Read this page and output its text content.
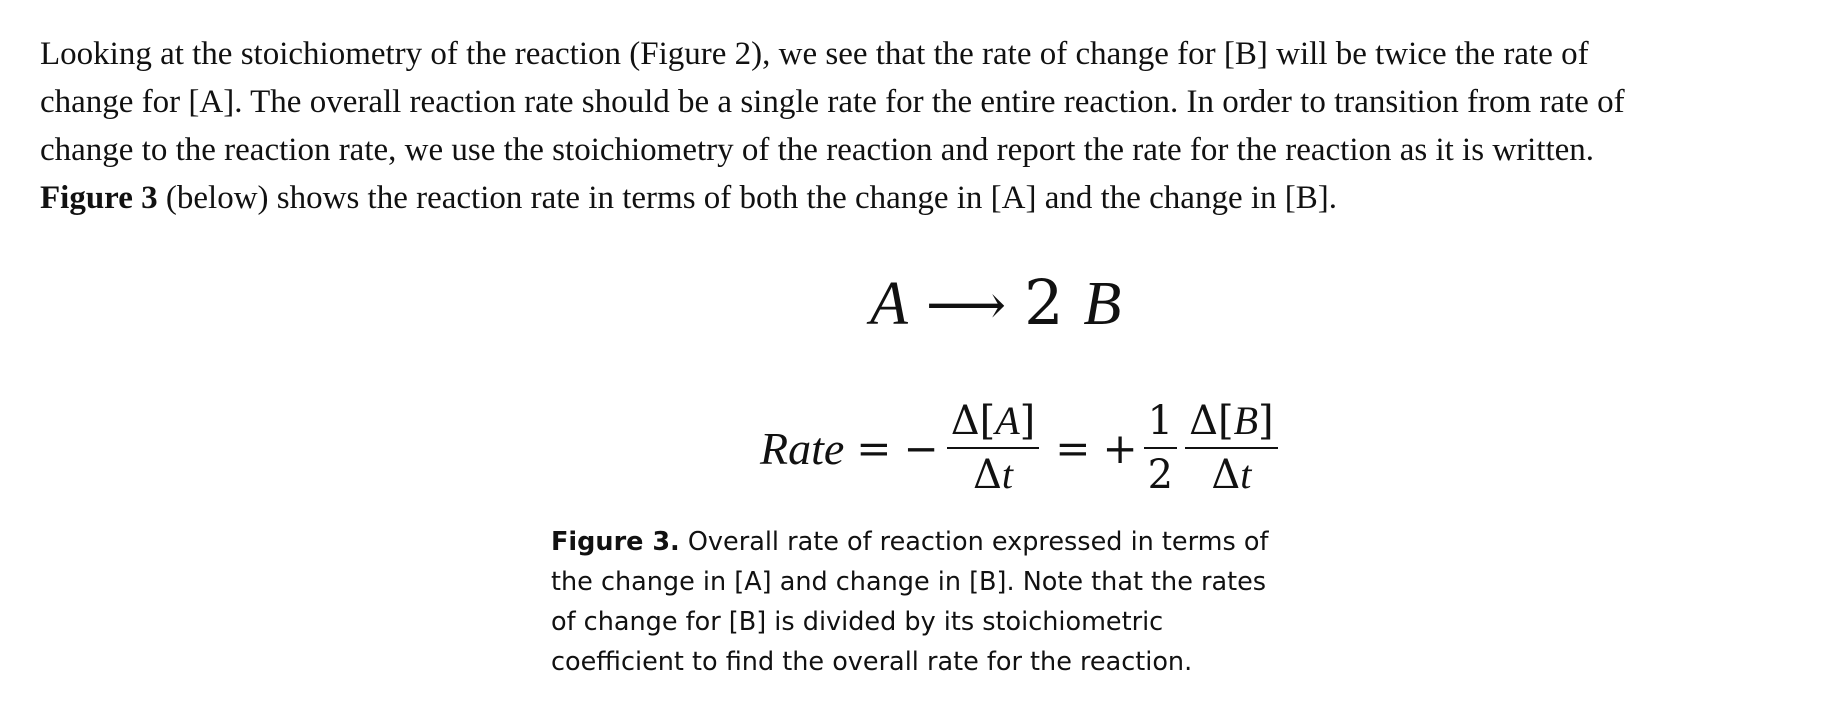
Looking at the stoichiometry of the reaction (Figure 2), we see that the rate of change for [B] will be twice the rate of
change for [A]. The overall reaction rate should be a single rate for the entire reaction. In order to transition from rate of
change to the reaction rate, we use the stoichiometry of the reaction and report the rate for the reaction as it is written.
Figure 3 (below) shows the reaction rate in terms of both the change in [A] and the change in [B].

A ⟶ 2 B
Rate = − $\frac{\Delta[A]}{\Delta t}$ = + $\frac{1}{2} \frac{\Delta[B]}{\Delta t}$
Figure 3. Overall rate of reaction expressed in terms of
the change in [A] and change in [B]. Note that the rates
of change for [B] is divided by its stoichiometric
coefficient to find the overall rate for the reaction.
